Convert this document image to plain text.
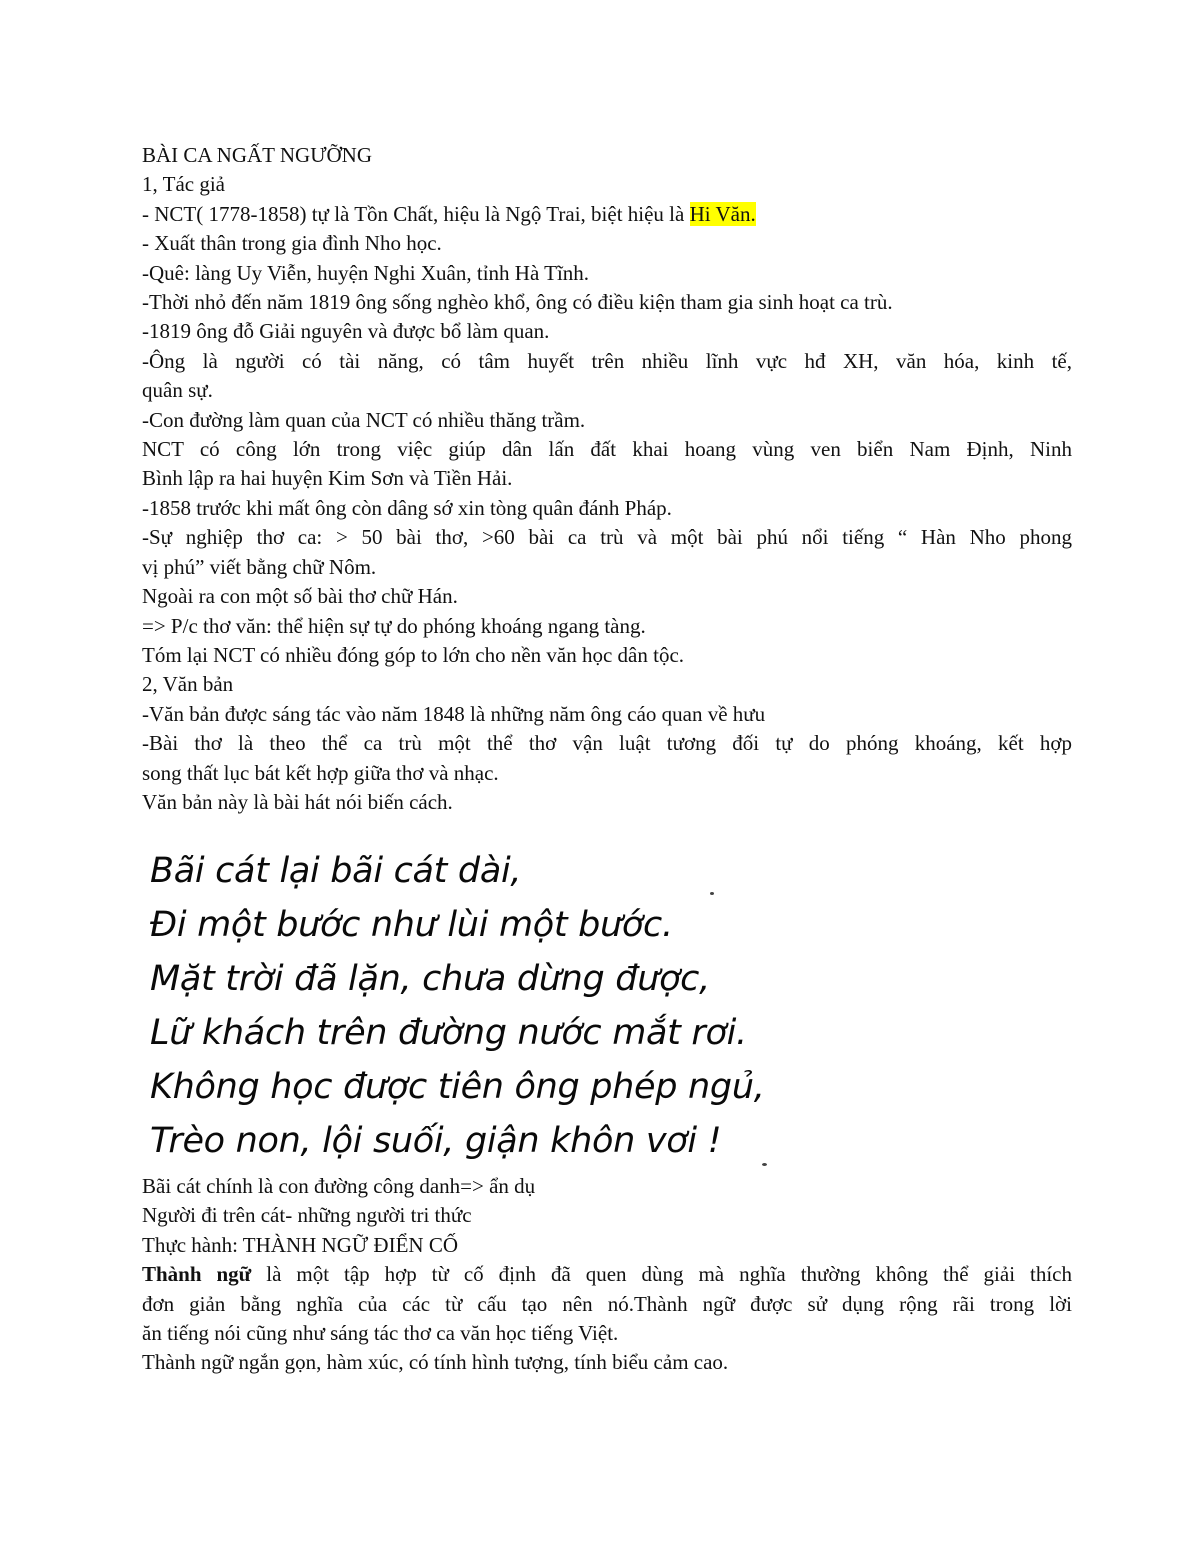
BÀI CA NGẤT NGƯỠNG
1, Tác giả
- NCT( 1778-1858) tự là Tồn Chất, hiệu là Ngộ Trai, biệt hiệu là Hi Văn.
- Xuất thân trong gia đình Nho học.
-Quê: làng Uy Viễn, huyện Nghi Xuân, tỉnh Hà Tĩnh.
-Thời nhỏ đến năm 1819 ông sống nghèo khổ, ông có điều kiện tham gia sinh hoạt ca trù.
-1819 ông đỗ Giải nguyên và được bổ làm quan.
-Ông là người có tài năng, có tâm huyết trên nhiều lĩnh vực hđ XH, văn hóa, kinh tế,
quân sự.
-Con đường làm quan của NCT có nhiều thăng trầm.
NCT có công lớn trong việc giúp dân lấn đất khai hoang vùng ven biển Nam Định, Ninh
Bình lập ra hai huyện Kim Sơn và Tiền Hải.
-1858 trước khi mất ông còn dâng sớ xin tòng quân đánh Pháp.
-Sự nghiệp thơ ca: > 50 bài thơ, >60 bài ca trù và một bài phú nổi tiếng “ Hàn Nho phong
vị phú” viết bằng chữ Nôm.
Ngoài ra con một số bài thơ chữ Hán.
=> P/c thơ văn: thể hiện sự tự do phóng khoáng ngang tàng.
Tóm lại NCT có nhiều đóng góp to lớn cho nền văn học dân tộc.
2, Văn bản
-Văn bản được sáng tác vào năm 1848 là những năm ông cáo quan về hưu
-Bài thơ là theo thể ca trù một thể thơ vận luật tương đối tự do phóng khoáng, kết hợp
song thất lục bát kết hợp giữa thơ và nhạc.
Văn bản này là bài hát nói biến cách.
Bãi cát lại bãi cát dài,
Đi một bước như lùi một bước.
Mặt trời đã lặn, chưa dừng được,
Lữ khách trên đường nước mắt rơi.
Không học được tiên ông phép ngủ,
Trèo non, lội suối, giận khôn vơi !
Bãi cát chính là con đường công danh=> ẩn dụ
Người đi trên cát- những người tri thức
Thực hành: THÀNH NGỮ ĐIỂN CỐ
Thành ngữ là một tập hợp từ cố định đã quen dùng mà nghĩa thường không thể giải thích
đơn giản bằng nghĩa của các từ cấu tạo nên nó.Thành ngữ được sử dụng rộng rãi trong lời
ăn tiếng nói cũng như sáng tác thơ ca văn học tiếng Việt.
Thành ngữ ngắn gọn, hàm xúc, có tính hình tượng, tính biểu cảm cao.
